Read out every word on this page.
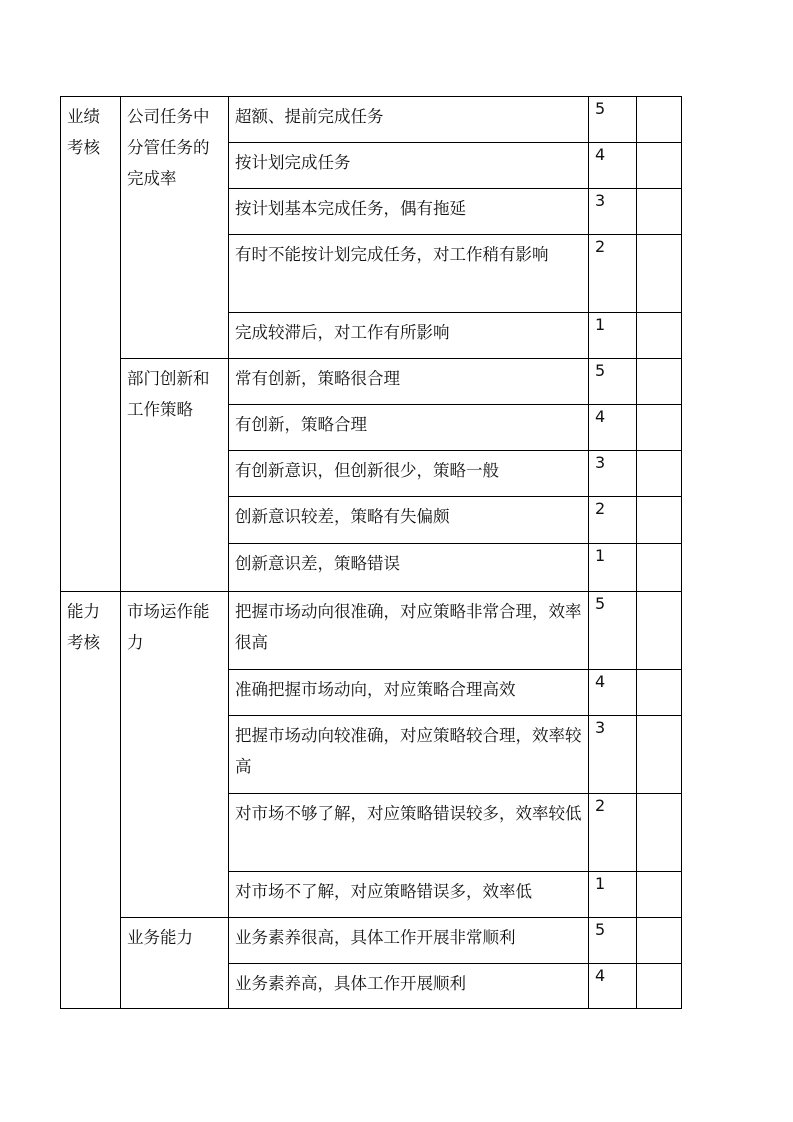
业绩考核	公司任务中分管任务的完成率	超额、提前完成任务	5	
		按计划完成任务	4	
		按计划基本完成任务，偶有拖延	3	
		有时不能按计划完成任务，对工作稍有影响	2	
		完成较滞后，对工作有所影响	1	
	部门创新和工作策略	常有创新，策略很合理	5	
		有创新，策略合理	4	
		有创新意识，但创新很少，策略一般	3	
		创新意识较差，策略有失偏颇	2	
		创新意识差，策略错误	1	
能力考核	市场运作能力	把握市场动向很准确，对应策略非常合理，效率很高	5	
		准确把握市场动向，对应策略合理高效	4	
		把握市场动向较准确，对应策略较合理，效率较高	3	
		对市场不够了解，对应策略错误较多，效率较低	2	
		对市场不了解，对应策略错误多，效率低	1	
	业务能力	业务素养很高，具体工作开展非常顺利	5	
		业务素养高，具体工作开展顺利	4	
